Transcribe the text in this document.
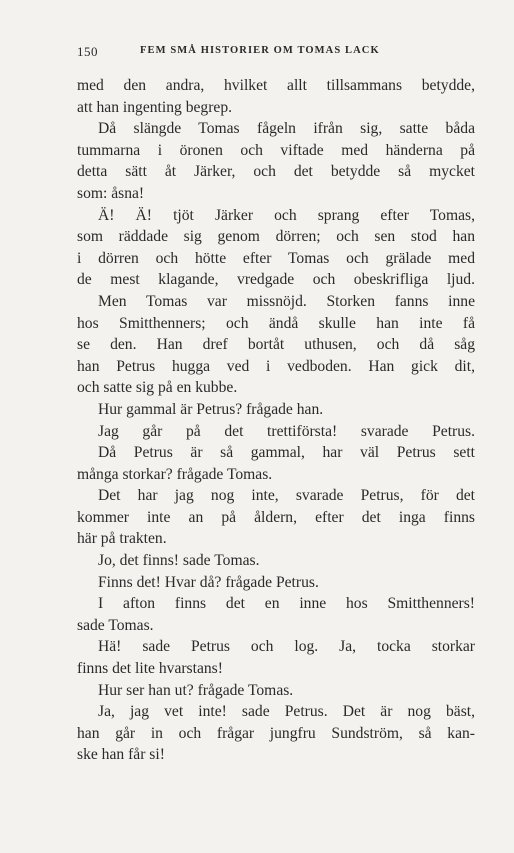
150	FEM SMÅ HISTORIER OM TOMAS LACK
med den andra, hvilket allt tillsammans betydde,
att han ingenting begrep.
Då slängde Tomas fågeln ifrån sig, satte båda
tummarna i öronen och viftade med händerna på
detta sätt åt Järker, och det betydde så mycket
som: åsna!
Ä! Ä! tjöt Järker och sprang efter Tomas,
som räddade sig genom dörren; och sen stod han
i dörren och hötte efter Tomas och grälade med
de mest klagande, vredgade och obeskrifliga ljud.
Men Tomas var missnöjd. Storken fanns inne
hos Smitthenners; och ändå skulle han inte få
se den. Han dref bortåt uthusen, och då såg
han Petrus hugga ved i vedboden. Han gick dit,
och satte sig på en kubbe.
Hur gammal är Petrus? frågade han.
Jag går på det trettiförsta! svarade Petrus.
Då Petrus är så gammal, har väl Petrus sett
många storkar? frågade Tomas.
Det har jag nog inte, svarade Petrus, för det
kommer inte an på åldern, efter det inga finns
här på trakten.
Jo, det finns! sade Tomas.
Finns det! Hvar då? frågade Petrus.
I afton finns det en inne hos Smitthenners!
sade Tomas.
Hä! sade Petrus och log. Ja, tocka storkar
finns det lite hvarstans!
Hur ser han ut? frågade Tomas.
Ja, jag vet inte! sade Petrus. Det är nog bäst,
han går in och frågar jungfru Sundström, så kan-
ske han får si!
